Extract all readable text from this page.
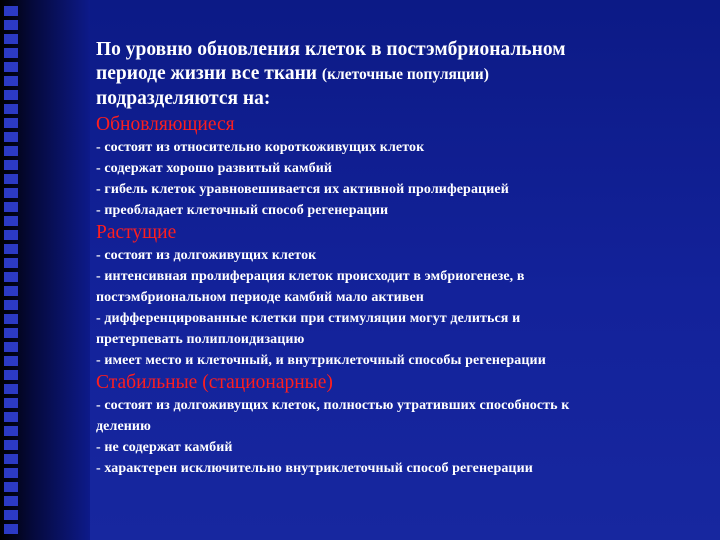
По уровню обновления клеток в постэмбриональном
периоде жизни все ткани (клеточные популяции)
подразделяются на:

Обновляющиеся

- состоят из относительно короткоживущих клеток
- содержат хорошо развитый камбий
- гибель клеток уравновешивается их активной пролиферацией
- преобладает клеточный способ регенерации

Растущие

- состоят из долгоживущих клеток
- интенсивная пролиферация клеток происходит в эмбриогенезе, в
постэмбриональном периоде камбий мало активен
- дифференцированные клетки при стимуляции могут делиться и
претерпевать полиплоидизацию
- имеет место и клеточный, и внутриклеточный способы регенерации

Стабильные (стационарные)

- состоят из долгоживущих клеток, полностью утративших способность к
делению
- не содержат камбий
- характерен исключительно внутриклеточный способ регенерации
